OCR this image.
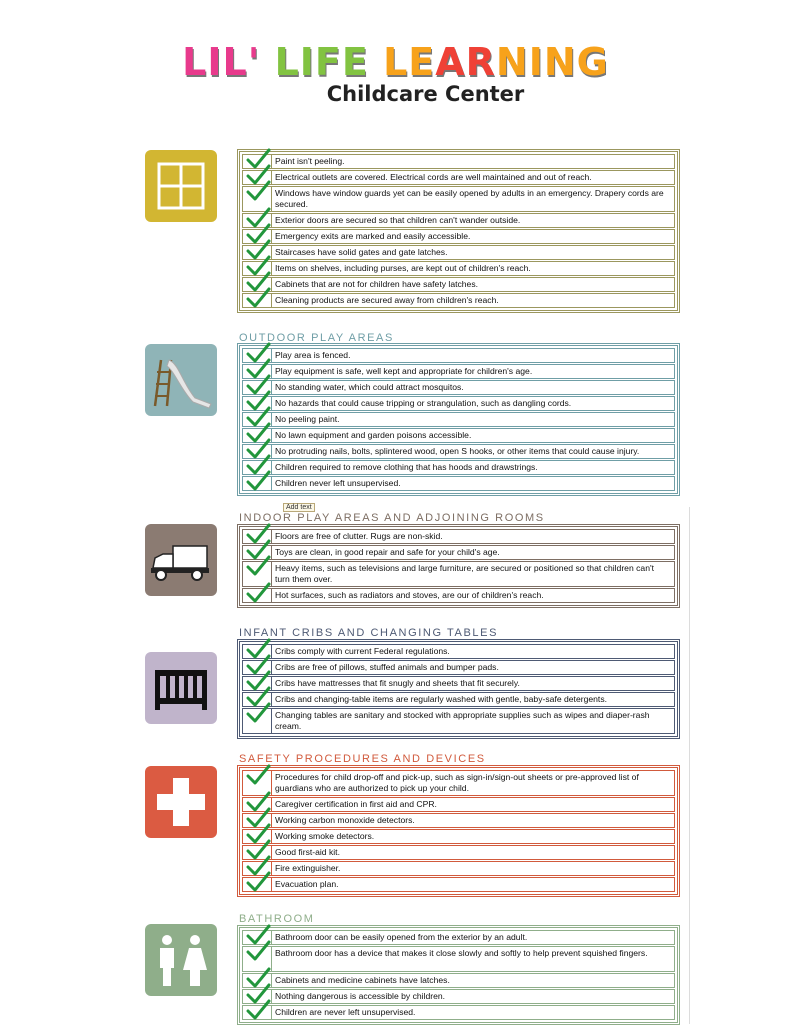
LIL' LIFE LEARNING
Childcare Center
OUTDOOR PLAY AREAS
INDOOR PLAY AREAS AND ADJOINING ROOMS
INFANT CRIBS AND CHANGING TABLES
SAFETY PROCEDURES AND DEVICES
BATHROOM
Add text
Paint isn't peeling.
Electrical outlets are covered. Electrical cords are well maintained and out of reach.
Windows have window guards yet can be easily opened by adults in an emergency. Drapery cords are secured.
Exterior doors are secured so that children can't wander outside.
Emergency exits are marked and easily accessible.
Staircases have solid gates and gate latches.
Items on shelves, including purses, are kept out of children's reach.
Cabinets that are not for children have safety latches.
Cleaning products are secured away from children's reach.
Play area is fenced.
Play equipment is safe, well kept and appropriate for children's age.
No standing water, which could attract mosquitos.
No hazards that could cause tripping or strangulation, such as dangling cords.
No peeling paint.
No lawn equipment and garden poisons accessible.
No protruding nails, bolts, splintered wood, open S hooks, or other items that could cause injury.
Children required to remove clothing that has hoods and drawstrings.
Children never left unsupervised.
Floors are free of clutter. Rugs are non-skid.
Toys are clean, in good repair and safe for your child's age.
Heavy items, such as televisions and large furniture, are secured or positioned so that children can't turn them over.
Hot surfaces, such as radiators and stoves, are our of children's reach.
Cribs comply with current Federal regulations.
Cribs are free of pillows, stuffed animals and bumper pads.
Cribs have mattresses that fit snugly and sheets that fit securely.
Cribs and changing-table items are regularly washed with gentle, baby-safe detergents.
Changing tables are sanitary and stocked with appropriate supplies such as wipes and diaper-rash cream.
Procedures for child drop-off and pick-up, such as sign-in/sign-out sheets or pre-approved list of guardians who are authorized to pick up your child.
Caregiver certification in first aid and CPR.
Working carbon monoxide detectors.
Working smoke detectors.
Good first-aid kit.
Fire extinguisher.
Evacuation plan.
Bathroom door can be easily opened from the exterior by an adult.
Bathroom door has a device that makes it close slowly and softly to help prevent squished fingers.
Cabinets and medicine cabinets have latches.
Nothing dangerous is accessible by children.
Children are never left unsupervised.
